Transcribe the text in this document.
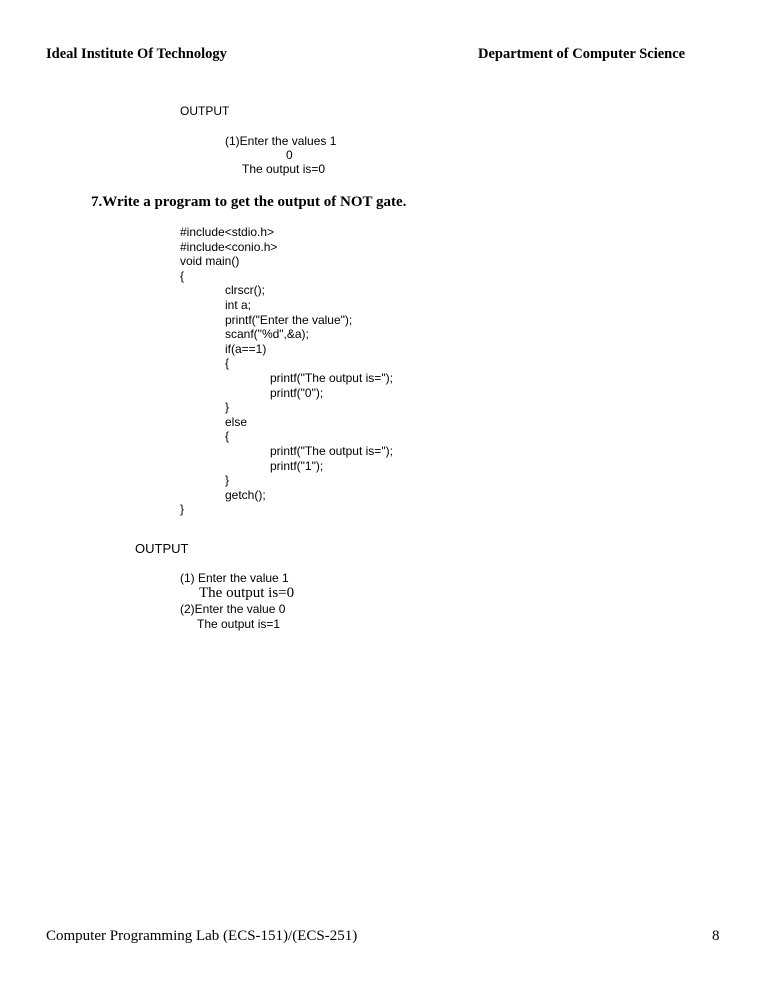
Ideal Institute Of Technology	Department of Computer Science
OUTPUT
(1)Enter the values 1
0
The output is=0
7.Write a program to get the output of NOT gate.
#include<stdio.h>
#include<conio.h>
void main()
{
clrscr();
int a;
printf("Enter the value");
scanf("%d",&a);
if(a==1)
{
printf("The output is=");
printf("0");
}
else
{
printf("The output is=");
printf("1");
}
getch();
}
OUTPUT
(1) Enter the value 1
The output is=0
(2)Enter the value 0
The output is=1
Computer Programming Lab (ECS-151)/(ECS-251)	8
